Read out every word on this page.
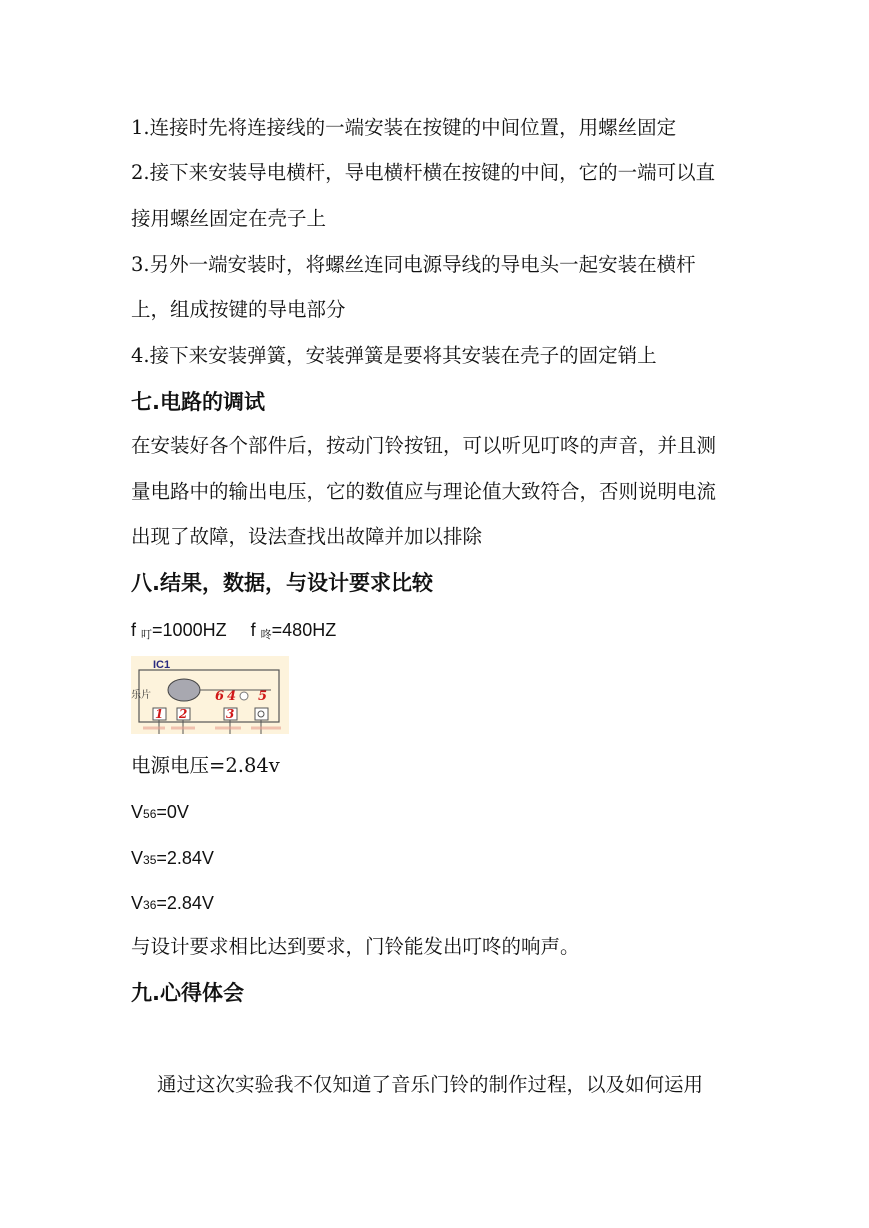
1.连接时先将连接线的一端安装在按键的中间位置，用螺丝固定
2.接下来安装导电横杆，导电横杆横在按键的中间，它的一端可以直
接用螺丝固定在壳子上
3.另外一端安装时，将螺丝连同电源导线的导电头一起安装在横杆
上，组成按键的导电部分
4.接下来安装弹簧，安装弹簧是要将其安装在壳子的固定销上
七.电路的调试
在安装好各个部件后，按动门铃按钮，可以听见叮咚的声音，并且测
量电路中的输出电压，它的数值应与理论值大致符合，否则说明电流
出现了故障，设法查找出故障并加以排除
八.结果，数据，与设计要求比较
f 叮=1000HZ f 咚=480HZ
IC1
乐片	6 4 5
1 2	3
电源电压=2.84v
V56=0V
V35=2.84V
V36=2.84V
与设计要求相比达到要求，门铃能发出叮咚的响声。
九.心得体会
通过这次实验我不仅知道了音乐门铃的制作过程，以及如何运用
